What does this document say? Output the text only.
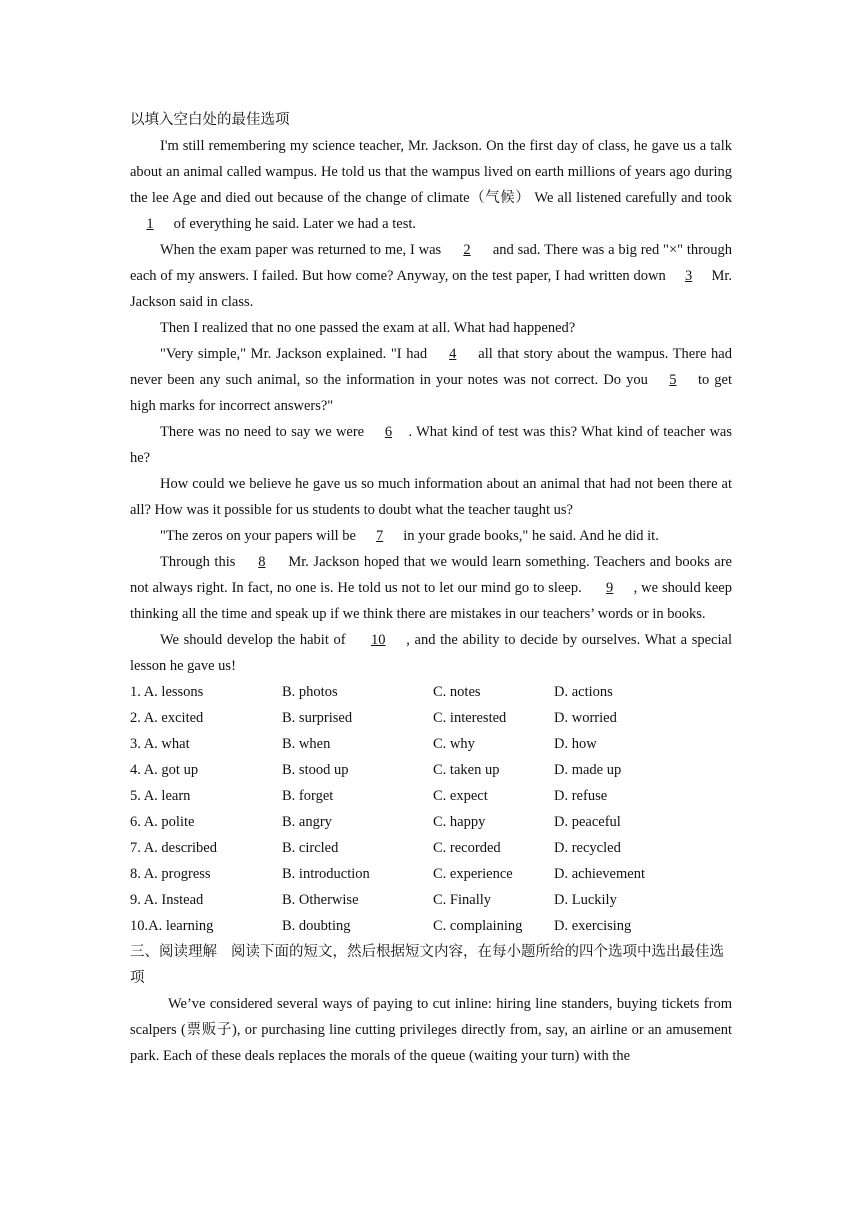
以填入空白处的最佳选项

I'm still remembering my science teacher, Mr. Jackson. On the first day of class, he gave us a talk about an animal called wampus. He told us that the wampus lived on earth millions of years ago during the lee Age and died out because of the change of climate（气候） We all listened carefully and took 1 of everything he said. Later we had a test.

When the exam paper was returned to me, I was 2 and sad. There was a big red "×" through each of my answers. I failed. But how come? Anyway, on the test paper, I had written down 3 Mr. Jackson said in class.

Then I realized that no one passed the exam at all. What had happened?

"Very simple," Mr. Jackson explained. "I had 4 all that story about the wampus. There had never been any such animal, so the information in your notes was not correct. Do you 5 to get high marks for incorrect answers?"

There was no need to say we were 6 . What kind of test was this? What kind of teacher was he?

How could we believe he gave us so much information about an animal that had not been there at all? How was it possible for us students to doubt what the teacher taught us?

"The zeros on your papers will be 7 in your grade books," he said. And he did it.

Through this 8 Mr. Jackson hoped that we would learn something. Teachers and books are not always right. In fact, no one is. He told us not to let our mind go to sleep. 9 , we should keep thinking all the time and speak up if we think there are mistakes in our teachers’ words or in books.

We should develop the habit of 10 , and the ability to decide by ourselves. What a special lesson he gave us!

1. A. lessons	B. photos	C. notes	D. actions
2. A. excited	B. surprised	C. interested	D. worried
3. A. what	B. when	C. why	D. how
4. A. got up	B. stood up	C. taken up	D. made up
5. A. learn	B. forget	C. expect	D. refuse
6. A. polite	B. angry	C. happy	D. peaceful
7. A. described	B. circled	C. recorded	D. recycled
8. A. progress	B. introduction	C. experience	D. achievement
9. A. Instead	B. Otherwise	C. Finally	D. Luckily
10.A. learning	B. doubting	C. complaining	D. exercising

三、阅读理解 阅读下面的短文，然后根据短文内容，在每小题所给的四个选项中选出最佳选项

We’ve considered several ways of paying to cut inline: hiring line standers, buying tickets from scalpers (票贩子), or purchasing line cutting privileges directly from, say, an airline or an amusement park. Each of these deals replaces the morals of the queue (waiting your turn) with the
